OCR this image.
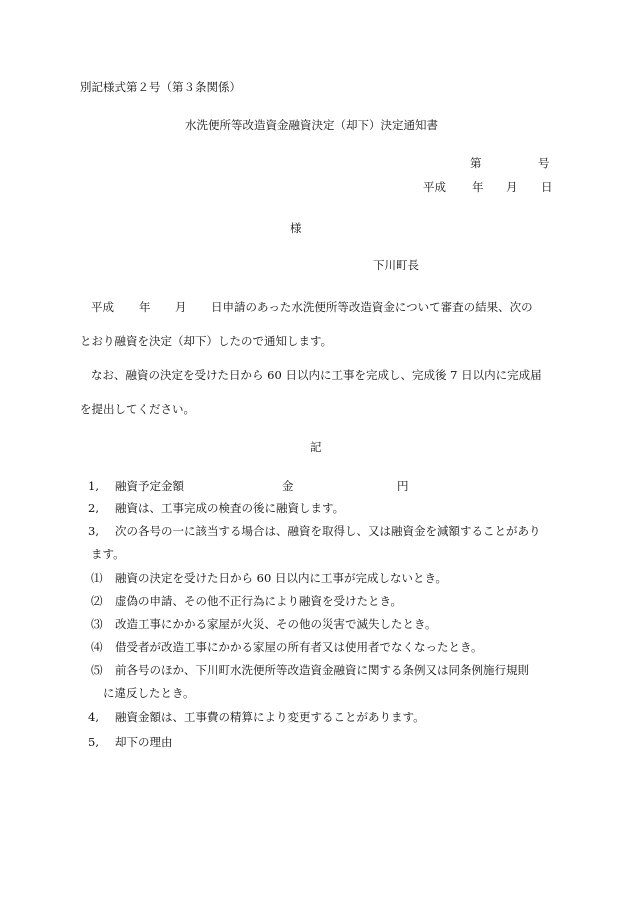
別記様式第２号（第３条関係）
水洗便所等改造資金融資決定（却下）決定通知書
第	号
平成 年 月 日
様
下川町長
平成 年 月 日申請のあった水洗便所等改造資金について審査の結果、次の
とおり融資を決定（却下）したので通知します。
なお、融資の決定を受けた日から 60 日以内に工事を完成し、完成後 7 日以内に完成届
を提出してください。
記
1, 融資予定金額	金	円
2, 融資は、工事完成の検査の後に融資します。
3, 次の各号の一に該当する場合は、融資を取得し、又は融資金を減額することがあり
ます。
⑴ 融資の決定を受けた日から 60 日以内に工事が完成しないとき。
⑵ 虚偽の申請、その他不正行為により融資を受けたとき。
⑶ 改造工事にかかる家屋が火災、その他の災害で滅失したとき。
⑷ 借受者が改造工事にかかる家屋の所有者又は使用者でなくなったとき。
⑸ 前各号のほか、下川町水洗便所等改造資金融資に関する条例又は同条例施行規則
に違反したとき。
4, 融資金額は、工事費の精算により変更することがあります。
5, 却下の理由
